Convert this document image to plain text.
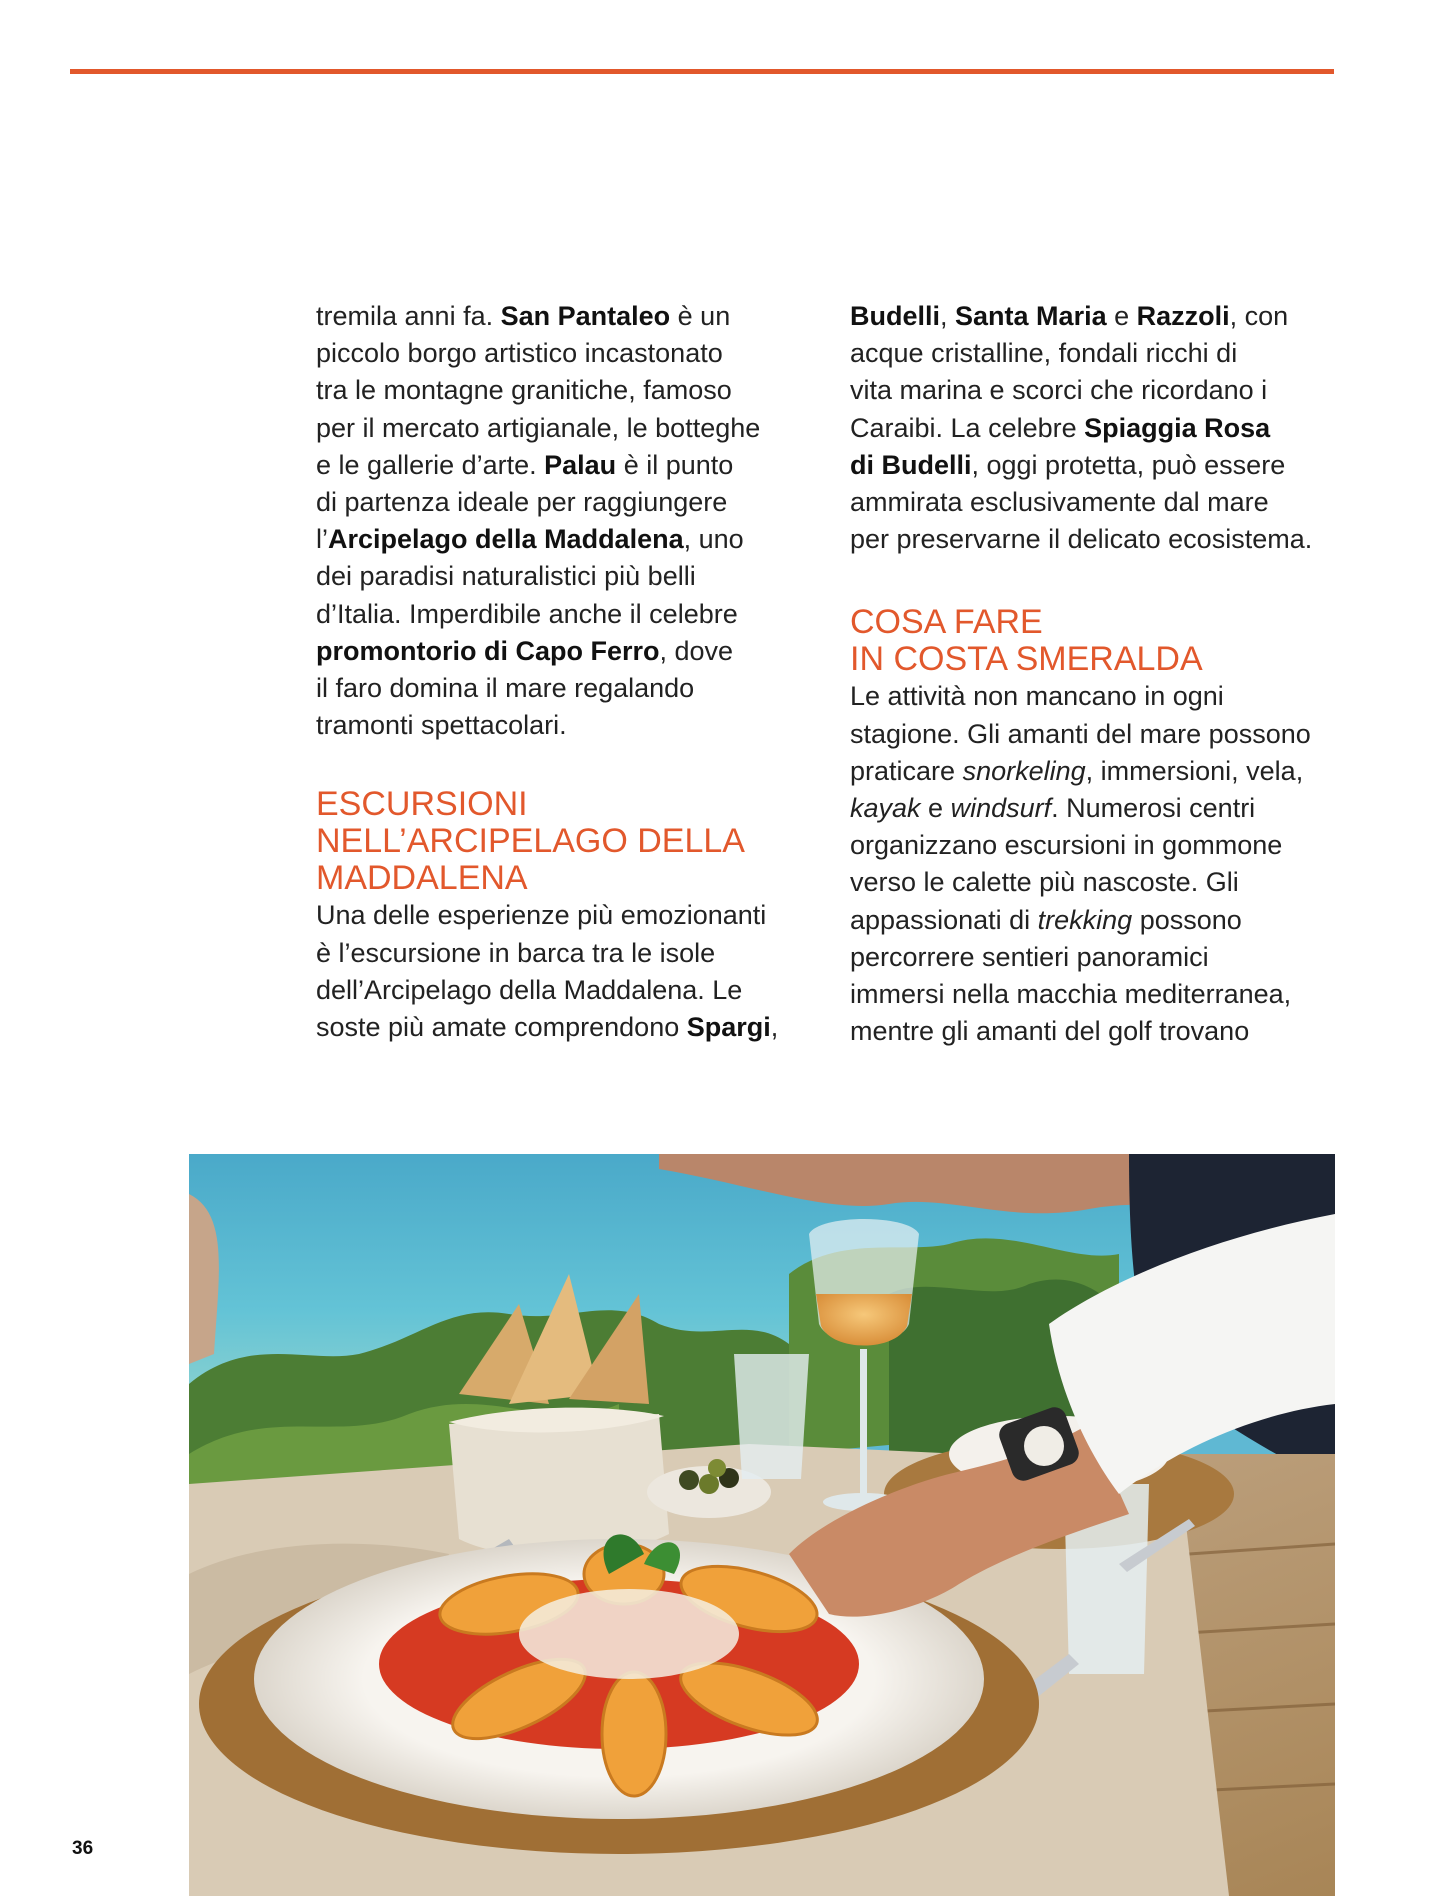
tremila anni fa. San Pantaleo è un
piccolo borgo artistico incastonato
tra le montagne granitiche, famoso
per il mercato artigianale, le botteghe
e le gallerie d’arte. Palau è il punto
di partenza ideale per raggiungere
l’Arcipelago della Maddalena, uno
dei paradisi naturalistici più belli
d’Italia. Imperdibile anche il celebre
promontorio di Capo Ferro, dove
il faro domina il mare regalando
tramonti spettacolari.

ESCURSIONI
NELL’ARCIPELAGO DELLA
MADDALENA

Una delle esperienze più emozionanti
è l’escursione in barca tra le isole
dell’Arcipelago della Maddalena. Le
soste più amate comprendono Spargi,

Budelli, Santa Maria e Razzoli, con
acque cristalline, fondali ricchi di
vita marina e scorci che ricordano i
Caraibi. La celebre Spiaggia Rosa
di Budelli, oggi protetta, può essere
ammirata esclusivamente dal mare
per preservarne il delicato ecosistema.

COSA FARE
IN COSTA SMERALDA

Le attività non mancano in ogni
stagione. Gli amanti del mare possono
praticare snorkeling, immersioni, vela,
kayak e windsurf. Numerosi centri
organizzano escursioni in gommone
verso le calette più nascoste. Gli
appassionati di trekking possono
percorrere sentieri panoramici
immersi nella macchia mediterranea,
mentre gli amanti del golf trovano

36
